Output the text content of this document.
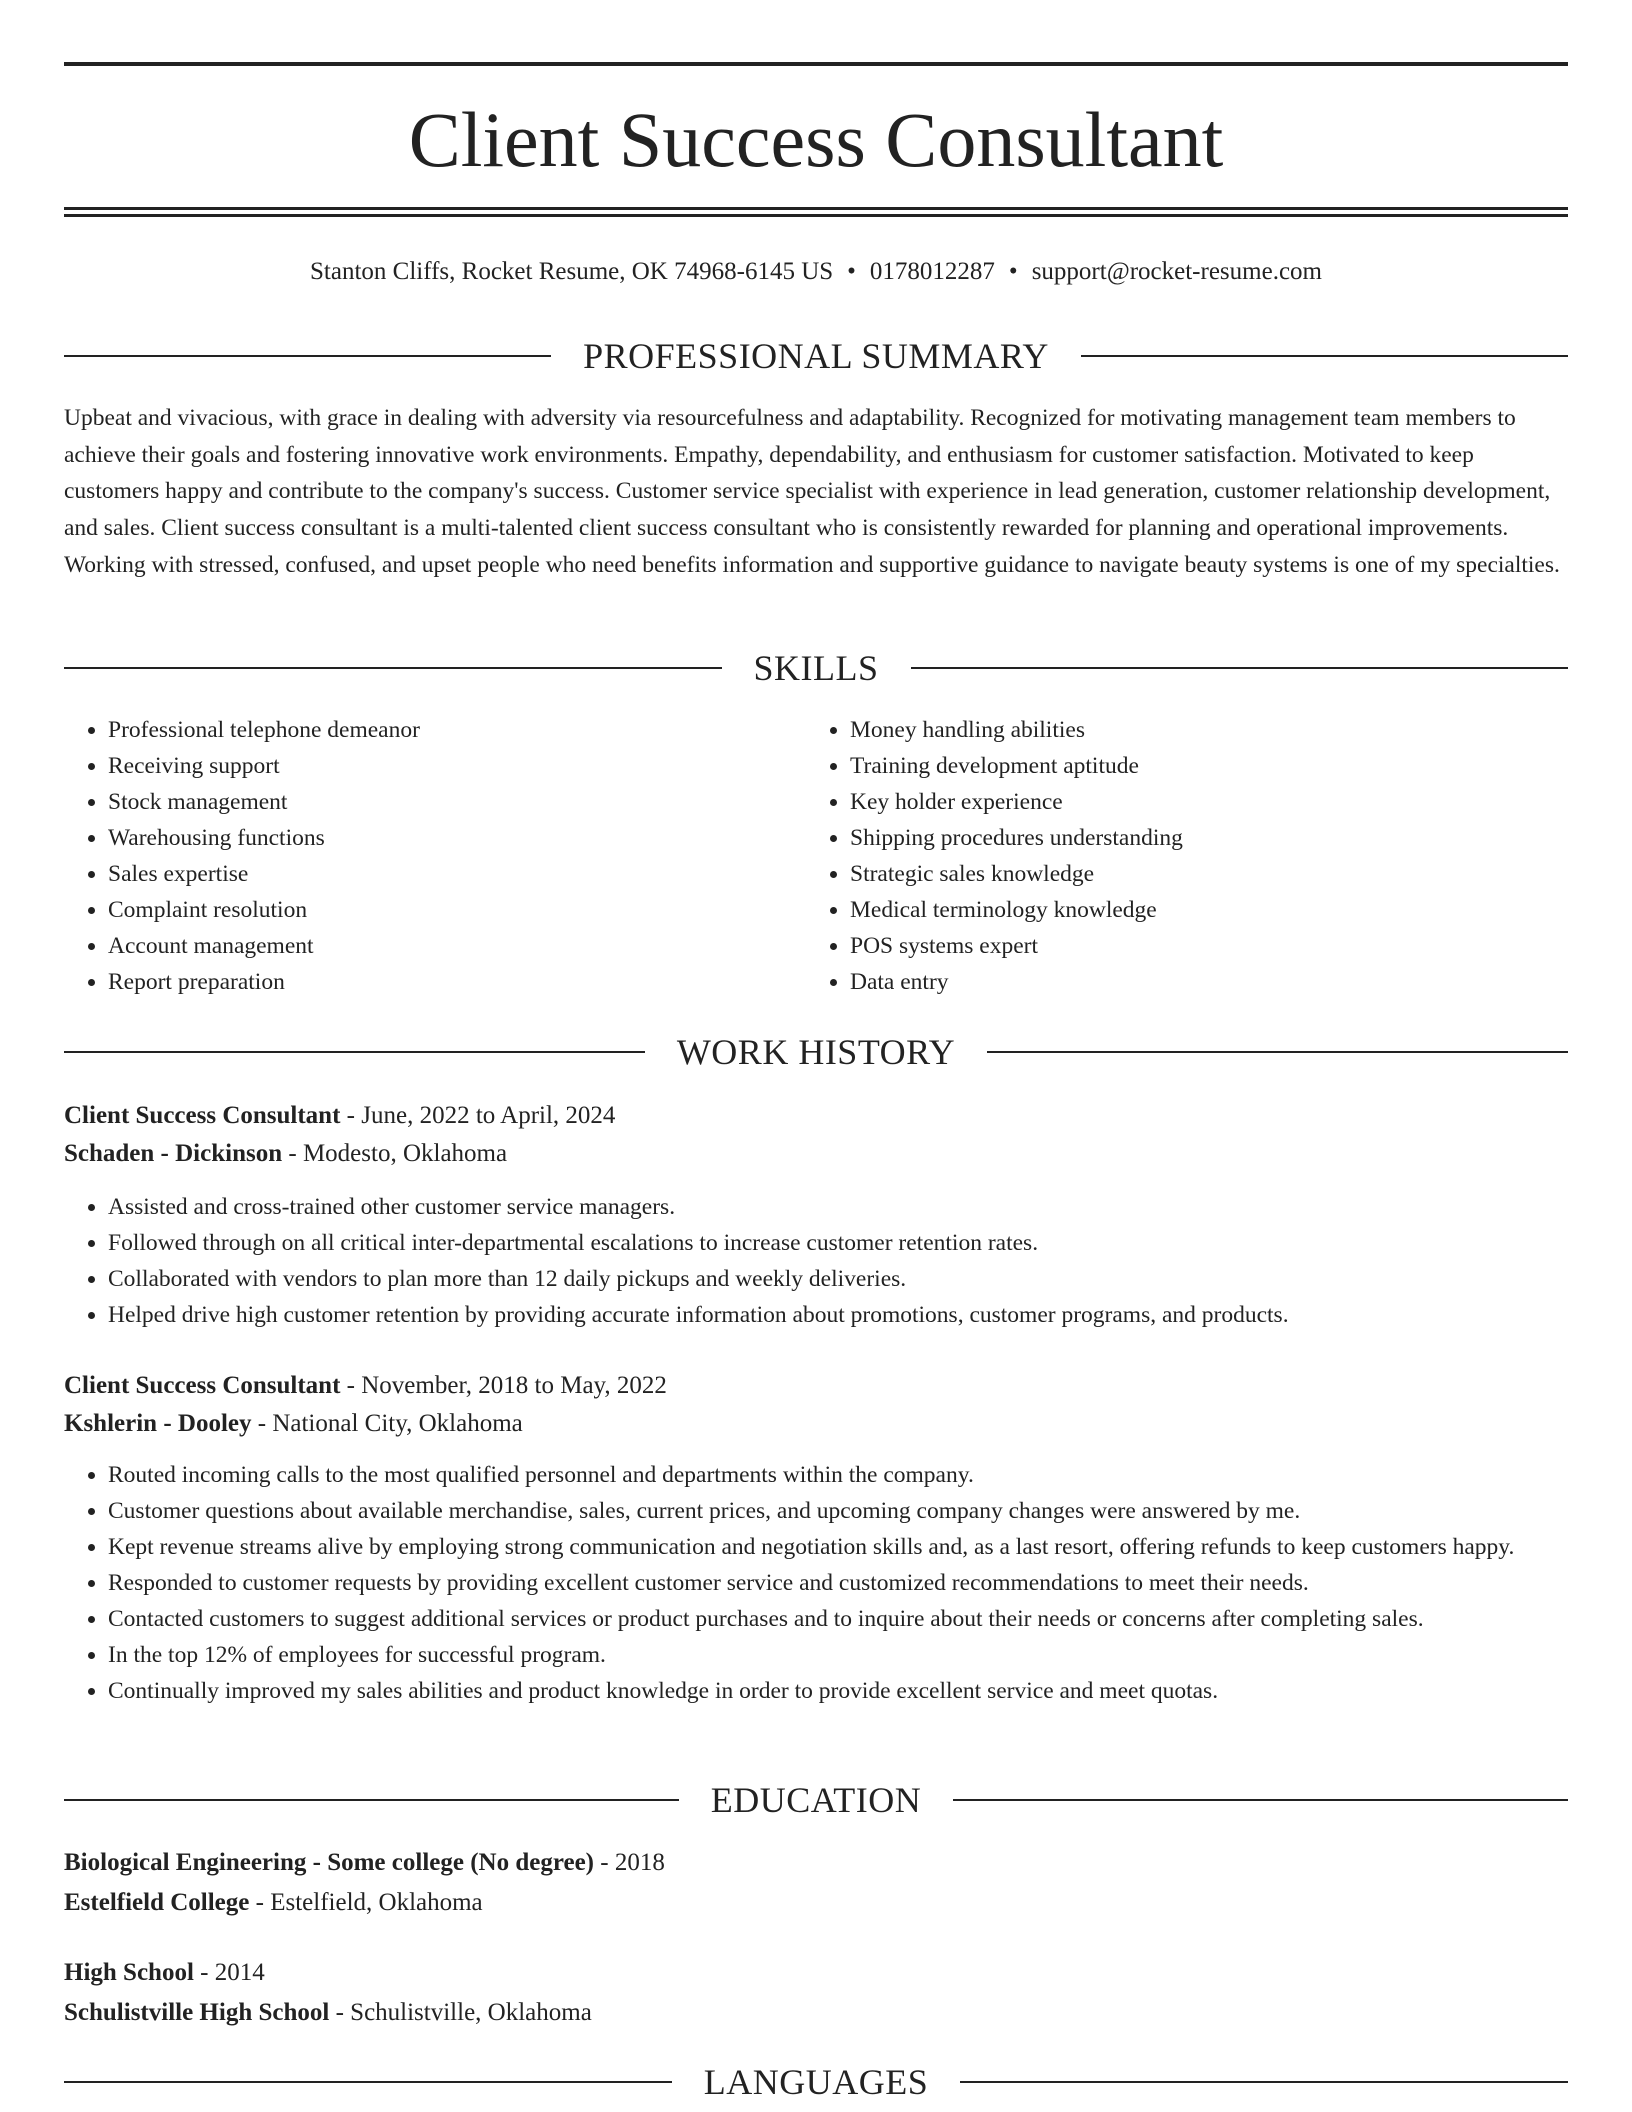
Client Success Consultant
Stanton Cliffs, Rocket Resume, OK 74968-6145 US • 0178012287 • support@rocket-resume.com
PROFESSIONAL SUMMARY

Upbeat and vivacious, with grace in dealing with adversity via resourcefulness and adaptability. Recognized for motivating management team members to achieve their goals and fostering innovative work environments. Empathy, dependability, and enthusiasm for customer satisfaction. Motivated to keep customers happy and contribute to the company's success. Customer service specialist with experience in lead generation, customer relationship development, and sales. Client success consultant is a multi-talented client success consultant who is consistently rewarded for planning and operational improvements. Working with stressed, confused, and upset people who need benefits information and supportive guidance to navigate beauty systems is one of my specialties.

SKILLS
• Professional telephone demeanor
• Receiving support
• Stock management
• Warehousing functions
• Sales expertise
• Complaint resolution
• Account management
• Report preparation
• Money handling abilities
• Training development aptitude
• Key holder experience
• Shipping procedures understanding
• Strategic sales knowledge
• Medical terminology knowledge
• POS systems expert
• Data entry
WORK HISTORY
Client Success Consultant - June, 2022 to April, 2024
Schaden - Dickinson - Modesto, Oklahoma
• Assisted and cross-trained other customer service managers.
• Followed through on all critical inter-departmental escalations to increase customer retention rates.
• Collaborated with vendors to plan more than 12 daily pickups and weekly deliveries.
• Helped drive high customer retention by providing accurate information about promotions, customer programs, and products.
Client Success Consultant - November, 2018 to May, 2022
Kshlerin - Dooley - National City, Oklahoma
• Routed incoming calls to the most qualified personnel and departments within the company.
• Customer questions about available merchandise, sales, current prices, and upcoming company changes were answered by me.
• Kept revenue streams alive by employing strong communication and negotiation skills and, as a last resort, offering refunds to keep customers happy.
• Responded to customer requests by providing excellent customer service and customized recommendations to meet their needs.
• Contacted customers to suggest additional services or product purchases and to inquire about their needs or concerns after completing sales.
• In the top 12% of employees for successful program.
• Continually improved my sales abilities and product knowledge in order to provide excellent service and meet quotas.
EDUCATION
Biological Engineering - Some college (No degree) - 2018
Estelfield College - Estelfield, Oklahoma
High School - 2014
Schulistville High School - Schulistville, Oklahoma
LANGUAGES
